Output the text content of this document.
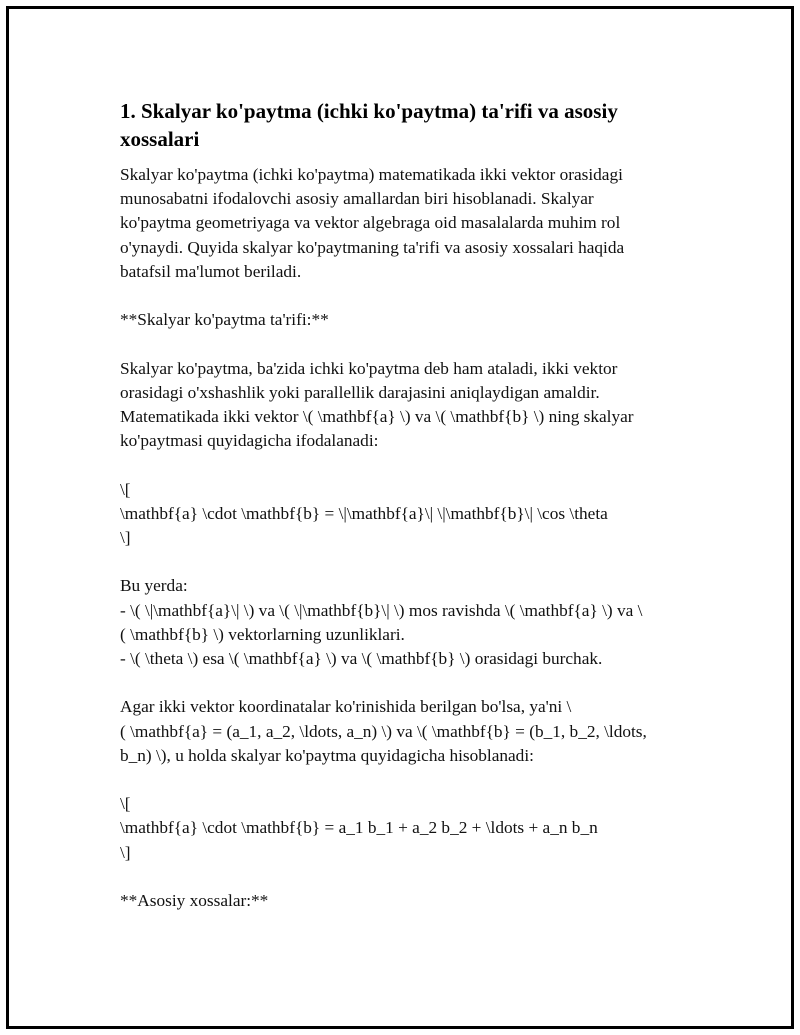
1. Skalyar ko'paytma (ichki ko'paytma) ta'rifi va asosiy
xossalari

Skalyar ko'paytma (ichki ko'paytma) matematikada ikki vektor orasidagi

munosabatni ifodalovchi asosiy amallardan biri hisoblanadi. Skalyar

ko'paytma geometriyaga va vektor algebraga oid masalalarda muhim rol

o'ynaydi. Quyida skalyar ko'paytmaning ta'rifi va asosiy xossalari haqida

batafsil ma'lumot beriladi.

**Skalyar ko'paytma ta'rifi:**

Skalyar ko'paytma, ba'zida ichki ko'paytma deb ham ataladi, ikki vektor

orasidagi o'xshashlik yoki parallellik darajasini aniqlaydigan amaldir.

Matematikada ikki vektor \( \mathbf{a} \) va \( \mathbf{b} \) ning skalyar

ko'paytmasi quyidagicha ifodalanadi:

\[

\mathbf{a} \cdot \mathbf{b} = \|\mathbf{a}\| \|\mathbf{b}\| \cos \theta

\]

Bu yerda:

- \( \|\mathbf{a}\| \) va \( \|\mathbf{b}\| \) mos ravishda \( \mathbf{a} \) va \

( \mathbf{b} \) vektorlarning uzunliklari.

- \( \theta \) esa \( \mathbf{a} \) va \( \mathbf{b} \) orasidagi burchak.

Agar ikki vektor koordinatalar ko'rinishida berilgan bo'lsa, ya'ni \

( \mathbf{a} = (a_1, a_2, \ldots, a_n) \) va \( \mathbf{b} = (b_1, b_2, \ldots,

b_n) \), u holda skalyar ko'paytma quyidagicha hisoblanadi:

\[

\mathbf{a} \cdot \mathbf{b} = a_1 b_1 + a_2 b_2 + \ldots + a_n b_n

\]

**Asosiy xossalar:**
